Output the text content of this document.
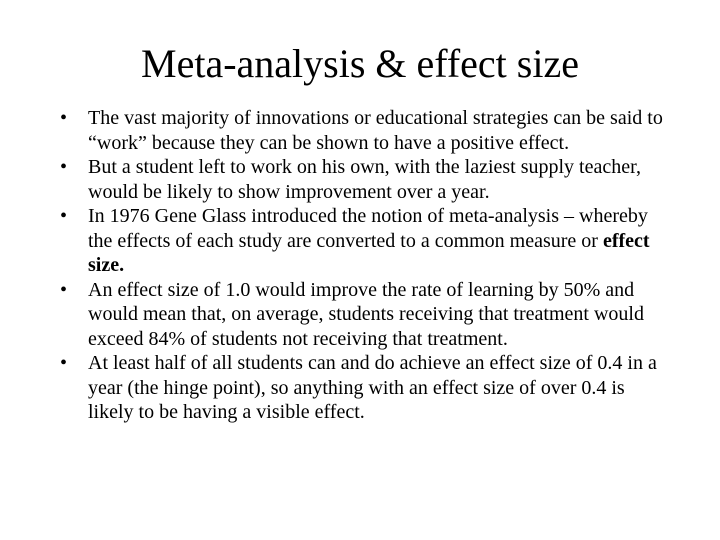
Meta-analysis & effect size
• The vast majority of innovations or educational strategies can be said to “work” because they can be shown to have a positive effect.
• But a student left to work on his own, with the laziest supply teacher, would be likely to show improvement over a year.
• In 1976 Gene Glass introduced the notion of meta-analysis – whereby the effects of each study are converted to a common measure or effect size.
• An effect size of 1.0 would improve the rate of learning by 50% and would mean that, on average, students receiving that treatment would exceed 84% of students not receiving that treatment.
• At least half of all students can and do achieve an effect size of 0.4 in a year (the hinge point), so anything with an effect size of over 0.4 is likely to be having a visible effect.
